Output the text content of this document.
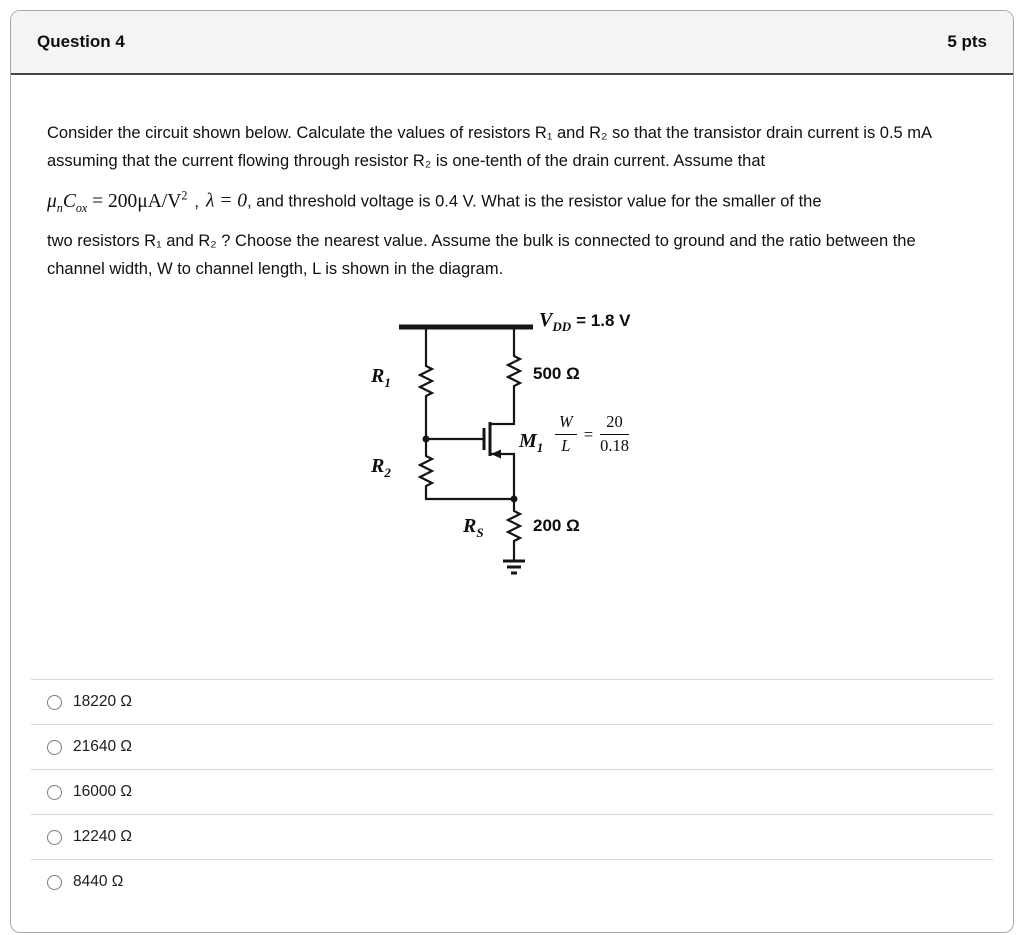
Question 4	5 pts
Consider the circuit shown below. Calculate the values of resistors R₁ and R₂ so that the transistor drain current is 0.5 mA assuming that the current flowing through resistor R₂ is one-tenth of the drain current. Assume that
$\mu_nC_{ox} = 200\mu A/V^2$ , λ = 0, and threshold voltage is 0.4 V. What is the resistor value for the smaller of the
two resistors R₁ and R₂ ? Choose the nearest value. Assume the bulk is connected to ground and the ratio between the channel width, W to channel length, L is shown in the diagram.
$V_{DD} = 1.8$ V
$R_1$	500 Ω
$M_1 \frac{W}{L} = \frac{20}{0.18}$
$R_2$
$R_S$	200 Ω
18220 Ω
21640 Ω
16000 Ω
12240 Ω
8440 Ω
